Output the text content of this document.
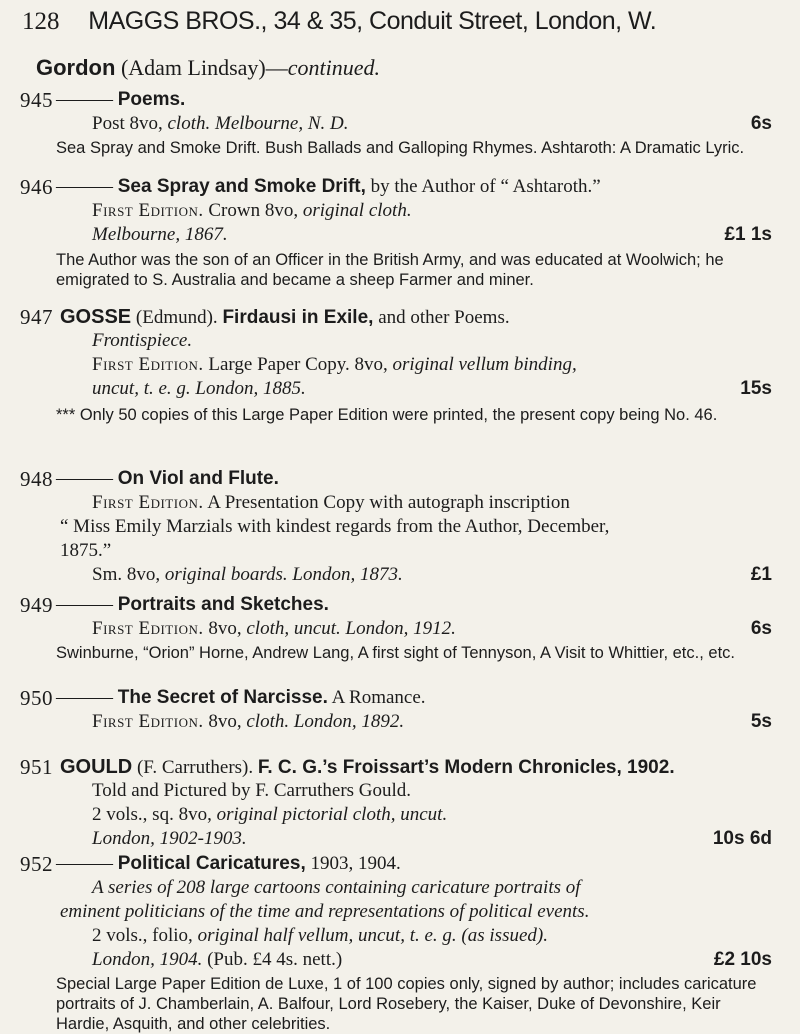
128 MAGGS BROS., 34 & 35, Conduit Street, London, W.
Gordon (Adam Lindsay)—continued.
945 ——— Poems.
Post 8vo, cloth. Melbourne, N. D.	6s
Sea Spray and Smoke Drift. Bush Ballads and Galloping Rhymes. Ashtaroth: A Dramatic Lyric.
946 ——— Sea Spray and Smoke Drift, by the Author of “ Ashtaroth.”
First Edition. Crown 8vo, original cloth.
Melbourne, 1867.	£1 1s
The Author was the son of an Officer in the British Army, and was educated at Woolwich; he emigrated to S. Australia and became a sheep Farmer and miner.
947 GOSSE (Edmund). Firdausi in Exile, and other Poems.
Frontispiece.
First Edition. Large Paper Copy. 8vo, original vellum binding,
uncut, t. e. g. London, 1885.	15s
*** Only 50 copies of this Large Paper Edition were printed, the present copy being No. 46.
948 ——— On Viol and Flute.
First Edition. A Presentation Copy with autograph inscription
“ Miss Emily Marzials with kindest regards from the Author, December,
1875.”
Sm. 8vo, original boards. London, 1873.	£1
949 ——— Portraits and Sketches.
First Edition. 8vo, cloth, uncut. London, 1912.	6s
Swinburne, “Orion” Horne, Andrew Lang, A first sight of Tennyson, A Visit to Whittier, etc., etc.
950 ——— The Secret of Narcisse. A Romance.
First Edition. 8vo, cloth. London, 1892.	5s
951 GOULD (F. Carruthers). F. C. G.’s Froissart’s Modern Chronicles, 1902.
Told and Pictured by F. Carruthers Gould.
2 vols., sq. 8vo, original pictorial cloth, uncut.
London, 1902-1903.	10s 6d
952 ——— Political Caricatures, 1903, 1904.
A series of 208 large cartoons containing caricature portraits of
eminent politicians of the time and representations of political events.
2 vols., folio, original half vellum, uncut, t. e. g. (as issued).
London, 1904. (Pub. £4 4s. nett.)	£2 10s
Special Large Paper Edition de Luxe, 1 of 100 copies only, signed by author; includes caricature portraits of J. Chamberlain, A. Balfour, Lord Rosebery, the Kaiser, Duke of Devonshire, Keir Hardie, Asquith, and other celebrities.
